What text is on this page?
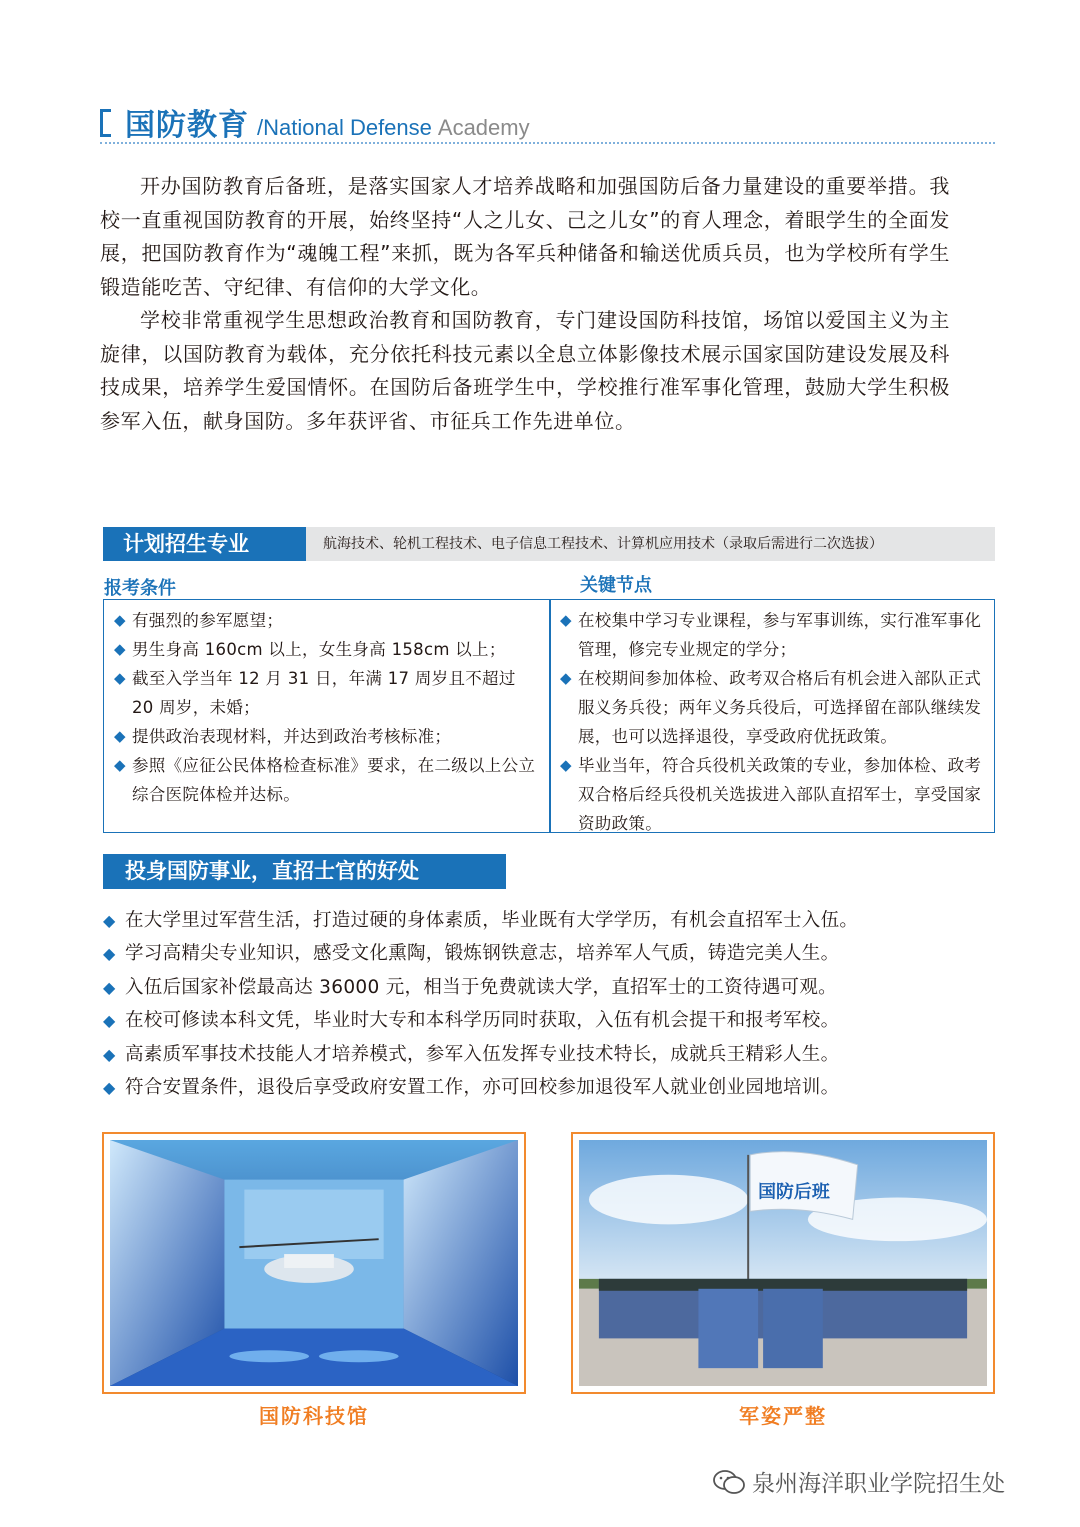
国防教育 /National Defense Academy

开办国防教育后备班，是落实国家人才培养战略和加强国防后备力量建设的重要举措。我校一直重视国防教育的开展，始终坚持“人之儿女、己之儿女”的育人理念，着眼学生的全面发展，把国防教育作为“魂魄工程”来抓，既为各军兵种储备和输送优质兵员，也为学校所有学生锻造能吃苦、守纪律、有信仰的大学文化。

学校非常重视学生思想政治教育和国防教育，专门建设国防科技馆，场馆以爱国主义为主旋律，以国防教育为载体，充分依托科技元素以全息立体影像技术展示国家国防建设发展及科技成果，培养学生爱国情怀。在国防后备班学生中，学校推行准军事化管理，鼓励大学生积极参军入伍，献身国防。多年获评省、市征兵工作先进单位。

计划招生专业	航海技术、轮机工程技术、电子信息工程技术、计算机应用技术（录取后需进行二次选拔）
报考条件	关键节点
◆ 有强烈的参军愿望；
◆ 男生身高 160cm 以上，女生身高 158cm 以上；
◆ 截至入学当年 12 月 31 日，年满 17 周岁且不超过 20 周岁，未婚；
◆ 提供政治表现材料，并达到政治考核标准；
◆ 参照《应征公民体格检查标准》要求，在二级以上公立综合医院体检并达标。
◆ 在校集中学习专业课程，参与军事训练，实行准军事化管理，修完专业规定的学分；
◆ 在校期间参加体检、政考双合格后有机会进入部队正式服义务兵役；两年义务兵役后，可选择留在部队继续发展，也可以选择退役，享受政府优抚政策。
◆ 毕业当年，符合兵役机关政策的专业，参加体检、政考双合格后经兵役机关选拔进入部队直招军士，享受国家资助政策。
投身国防事业，直招士官的好处
◆ 在大学里过军营生活，打造过硬的身体素质，毕业既有大学学历，有机会直招军士入伍。
◆ 学习高精尖专业知识，感受文化熏陶，锻炼钢铁意志，培养军人气质，铸造完美人生。
◆ 入伍后国家补偿最高达 36000 元，相当于免费就读大学，直招军士的工资待遇可观。
◆ 在校可修读本科文凭，毕业时大专和本科学历同时获取，入伍有机会提干和报考军校。
◆ 高素质军事技术技能人才培养模式，参军入伍发挥专业技术特长，成就兵王精彩人生。
◆ 符合安置条件，退役后享受政府安置工作，亦可回校参加退役军人就业创业园地培训。
国防科技馆
国防后班
军姿严整
泉州海洋职业学院招生处
